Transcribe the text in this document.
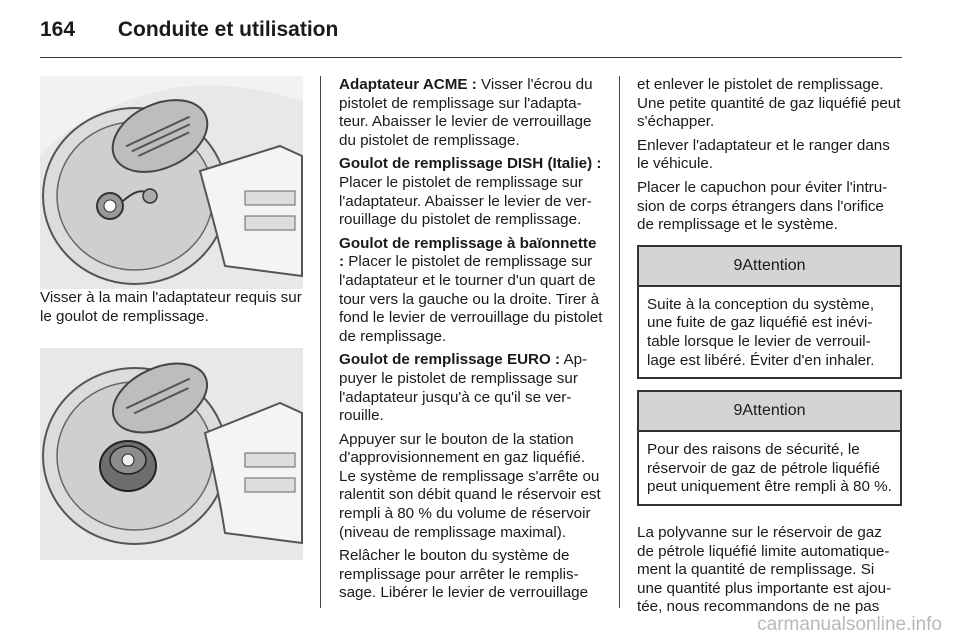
164 Conduite et utilisation

Visser à la main l'adaptateur requis sur le goulot de remplissage.

Adaptateur ACME : Visser l'écrou du pistolet de remplissage sur l'adaptateur. Abaisser le levier de verrouillage du pistolet de remplissage.

Goulot de remplissage DISH (Italie) : Placer le pistolet de remplissage sur l'adaptateur. Abaisser le levier de verrouillage du pistolet de remplissage.

Goulot de remplissage à baïonnette : Placer le pistolet de remplissage sur l'adaptateur et le tourner d'un quart de tour vers la gauche ou la droite. Tirer à fond le levier de verrouillage du pistolet de remplissage.

Goulot de remplissage EURO : Appuyer le pistolet de remplissage sur l'adaptateur jusqu'à ce qu'il se verrouille.

Appuyer sur le bouton de la station d'approvisionnement en gaz liquéfié. Le système de remplissage s'arrête ou ralentit son débit quand le réservoir est rempli à 80 % du volume de réservoir (niveau de remplissage maximal).

Relâcher le bouton du système de remplissage pour arrêter le remplissage. Libérer le levier de verrouillage

et enlever le pistolet de remplissage. Une petite quantité de gaz liquéfié peut s'échapper.

Enlever l'adaptateur et le ranger dans le véhicule.

Placer le capuchon pour éviter l'intrusion de corps étrangers dans l'orifice de remplissage et le système.

9Attention
Suite à la conception du système, une fuite de gaz liquéfié est inévitable lorsque le levier de verrouillage est libéré. Éviter d'en inhaler.
9Attention
Pour des raisons de sécurité, le réservoir de gaz de pétrole liquéfié peut uniquement être rempli à 80 %.

La polyvanne sur le réservoir de gaz de pétrole liquéfié limite automatiquement la quantité de remplissage. Si une quantité plus importante est ajoutée, nous recommandons de ne pas

carmanualsonline.info
